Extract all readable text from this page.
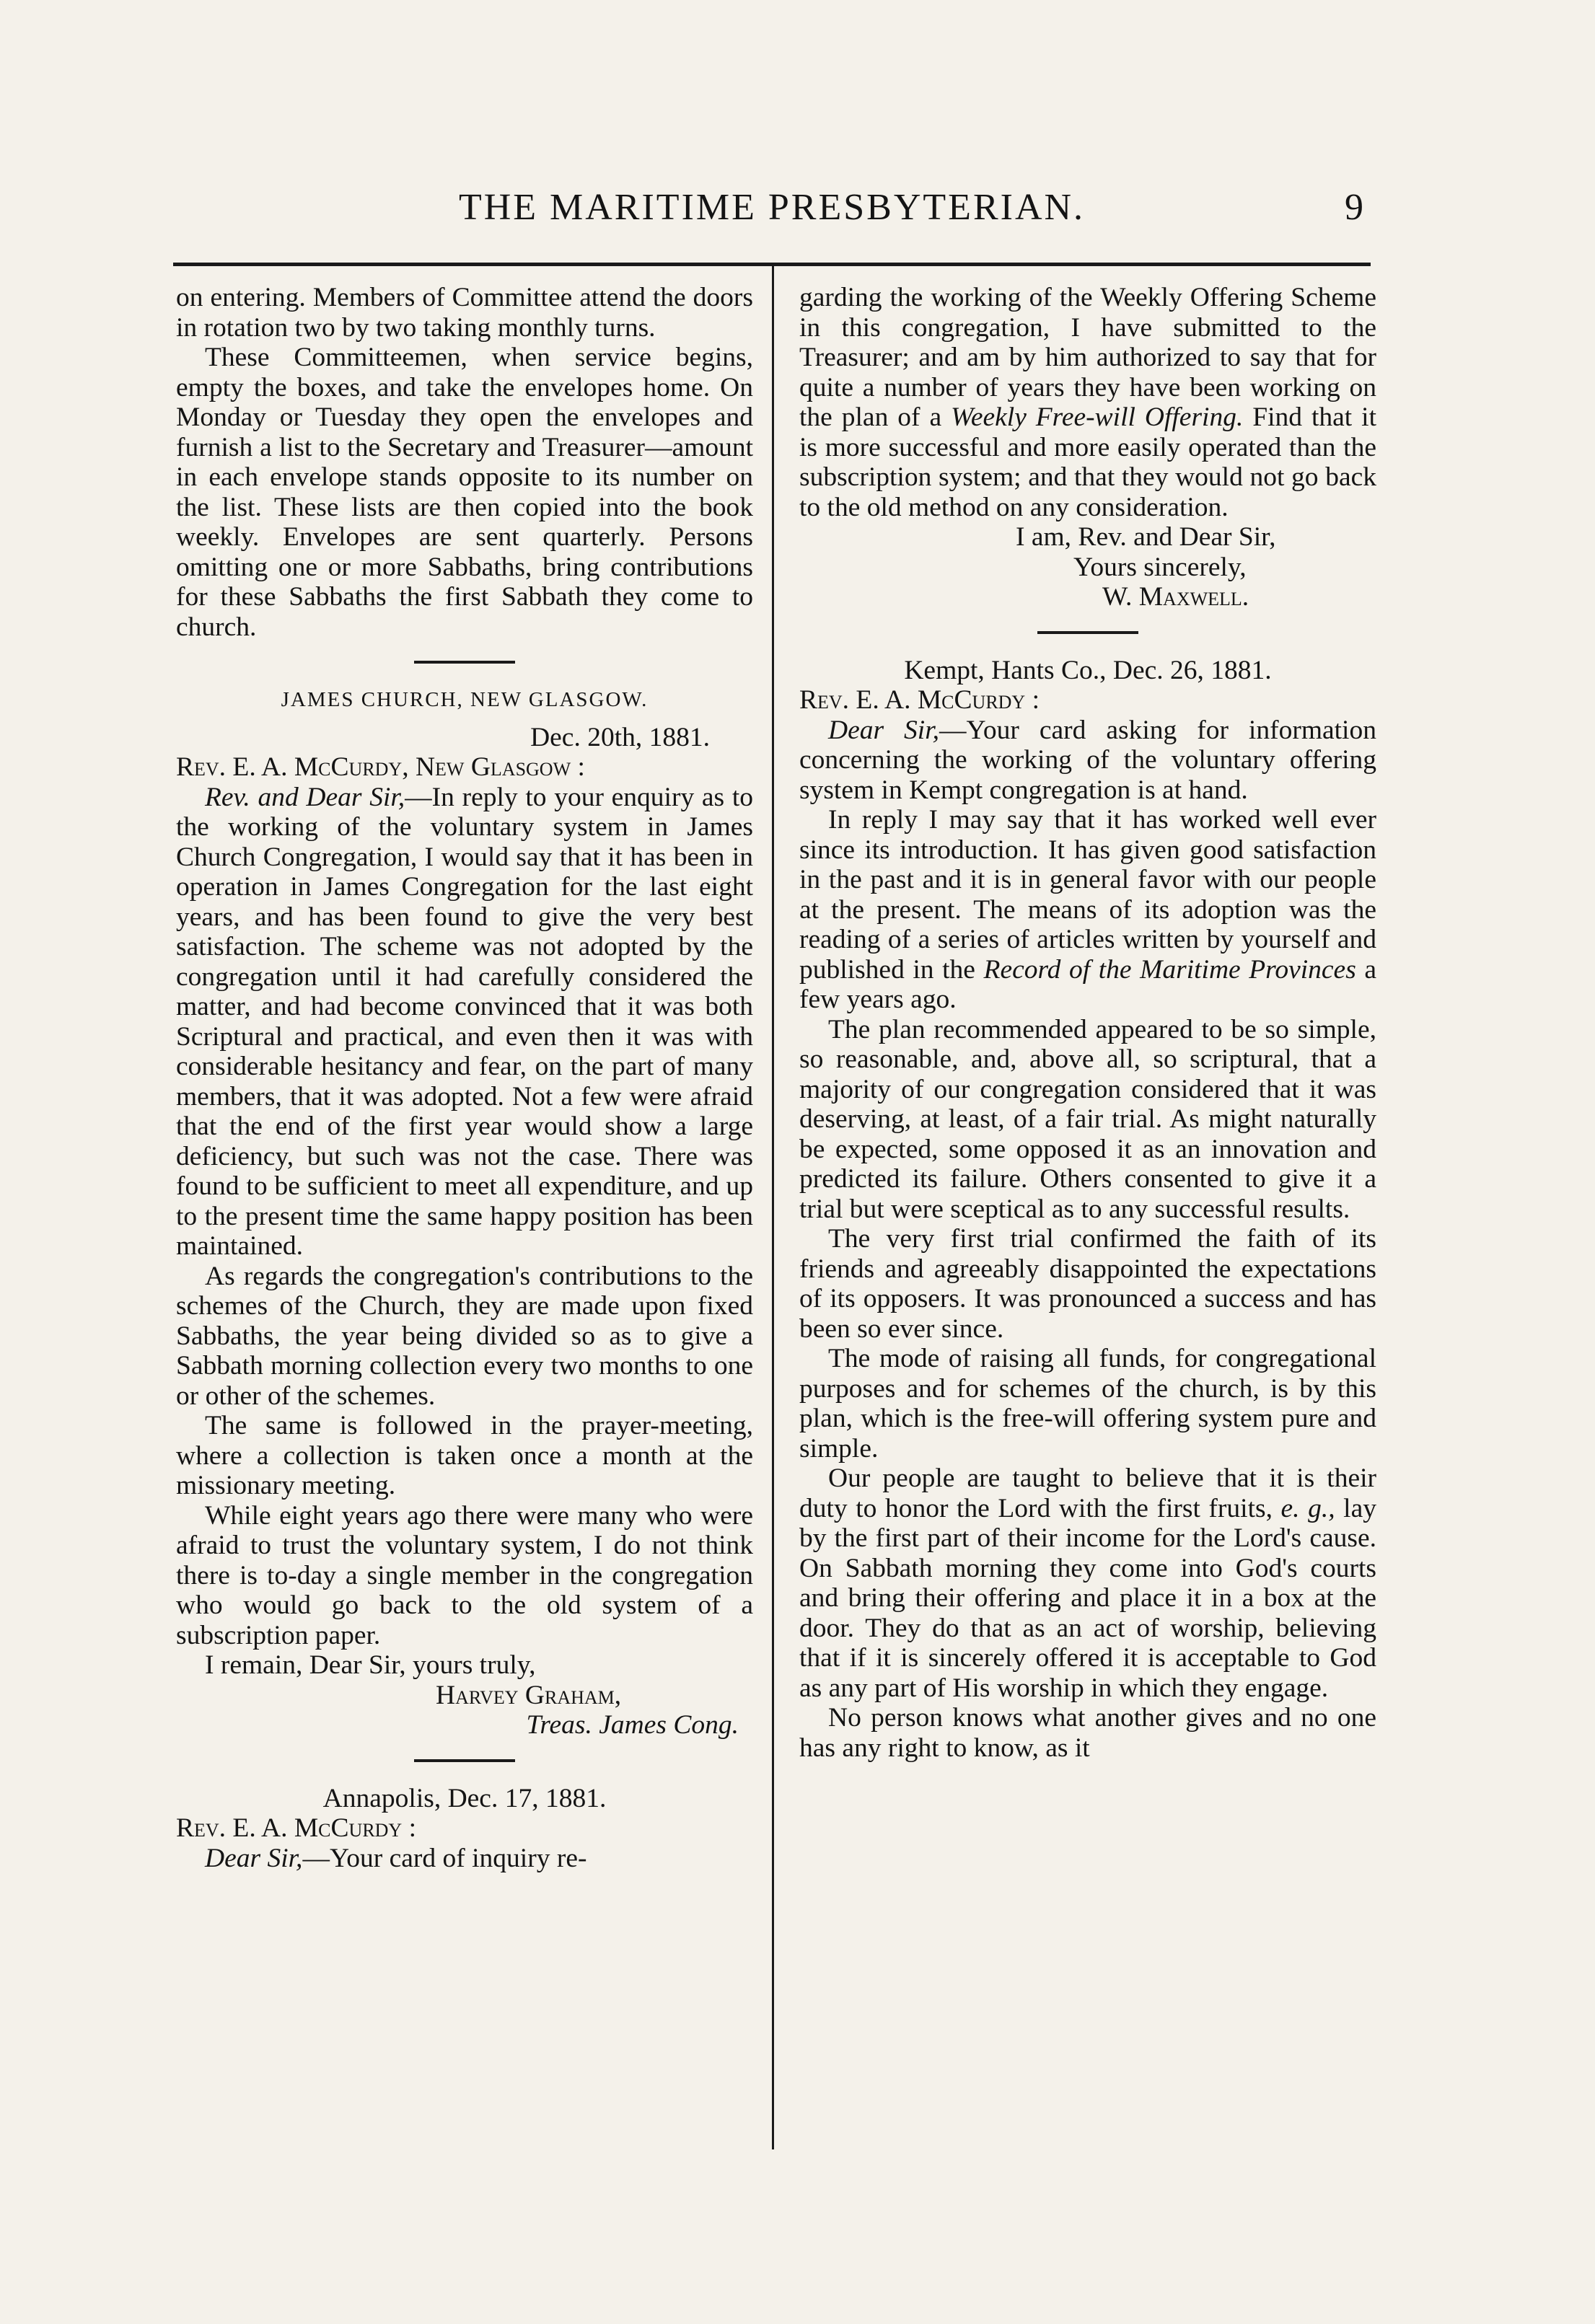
THE MARITIME PRESBYTERIAN.	9

on entering. Members of Committee attend the doors in rotation two by two taking monthly turns.

These Committeemen, when service begins, empty the boxes, and take the envelopes home. On Monday or Tuesday they open the envelopes and furnish a list to the Secretary and Treasurer—amount in each envelope stands opposite to its number on the list. These lists are then copied into the book weekly. Envelopes are sent quarterly. Persons omitting one or more Sabbaths, bring contributions for these Sabbaths the first Sabbath they come to church.

JAMES CHURCH, NEW GLASGOW.

Dec. 20th, 1881.

Rev. E. A. McCurdy, New Glasgow :

Rev. and Dear Sir,—In reply to your enquiry as to the working of the voluntary system in James Church Congregation, I would say that it has been in operation in James Congregation for the last eight years, and has been found to give the very best satisfaction. The scheme was not adopted by the congregation until it had carefully considered the matter, and had become convinced that it was both Scriptural and practical, and even then it was with considerable hesitancy and fear, on the part of many members, that it was adopted. Not a few were afraid that the end of the first year would show a large deficiency, but such was not the case. There was found to be sufficient to meet all expenditure, and up to the present time the same happy position has been maintained.

As regards the congregation's contributions to the schemes of the Church, they are made upon fixed Sabbaths, the year being divided so as to give a Sabbath morning collection every two months to one or other of the schemes.

The same is followed in the prayer-meeting, where a collection is taken once a month at the missionary meeting.

While eight years ago there were many who were afraid to trust the voluntary system, I do not think there is to-day a single member in the congregation who would go back to the old system of a subscription paper.

I remain, Dear Sir, yours truly,

Harvey Graham,

Treas. James Cong.

Annapolis, Dec. 17, 1881.

Rev. E. A. McCurdy :

Dear Sir,—Your card of inquiry re-

garding the working of the Weekly Offering Scheme in this congregation, I have submitted to the Treasurer; and am by him authorized to say that for quite a number of years they have been working on the plan of a Weekly Free-will Offering. Find that it is more successful and more easily operated than the subscription system; and that they would not go back to the old method on any consideration.

I am, Rev. and Dear Sir,

Yours sincerely,

W. Maxwell.

Kempt, Hants Co., Dec. 26, 1881.

Rev. E. A. McCurdy :

Dear Sir,—Your card asking for information concerning the working of the voluntary offering system in Kempt congregation is at hand.

In reply I may say that it has worked well ever since its introduction. It has given good satisfaction in the past and it is in general favor with our people at the present. The means of its adoption was the reading of a series of articles written by yourself and published in the Record of the Maritime Provinces a few years ago.

The plan recommended appeared to be so simple, so reasonable, and, above all, so scriptural, that a majority of our congregation considered that it was deserving, at least, of a fair trial. As might naturally be expected, some opposed it as an innovation and predicted its failure. Others consented to give it a trial but were sceptical as to any successful results.

The very first trial confirmed the faith of its friends and agreeably disappointed the expectations of its opposers. It was pronounced a success and has been so ever since.

The mode of raising all funds, for congregational purposes and for schemes of the church, is by this plan, which is the free-will offering system pure and simple.

Our people are taught to believe that it is their duty to honor the Lord with the first fruits, e. g., lay by the first part of their income for the Lord's cause. On Sabbath morning they come into God's courts and bring their offering and place it in a box at the door. They do that as an act of worship, believing that if it is sincerely offered it is acceptable to God as any part of His worship in which they engage.

No person knows what another gives and no one has any right to know, as it
